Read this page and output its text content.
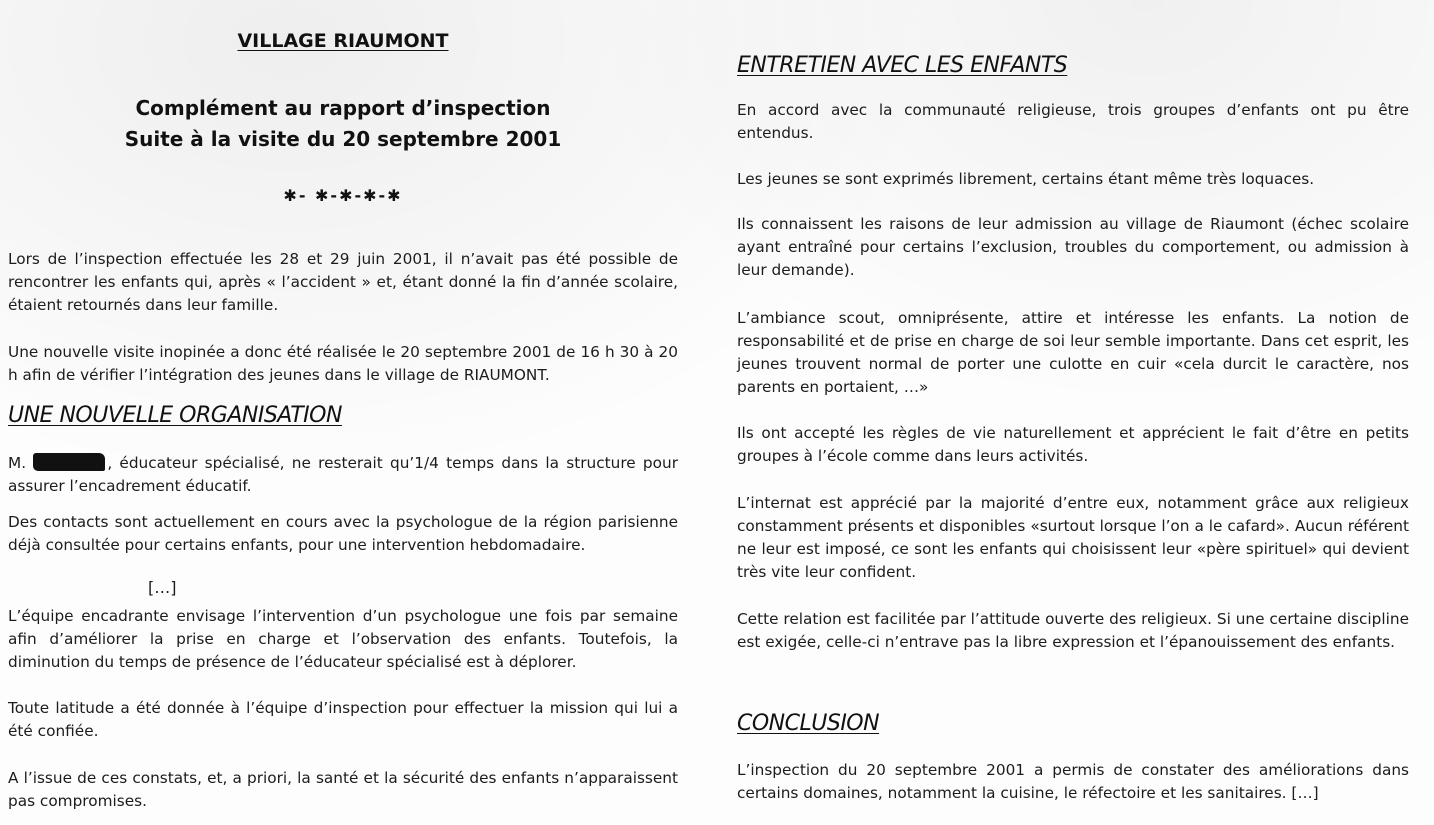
VILLAGE RIAUMONT
Complément au rapport d’inspection
Suite à la visite du 20 septembre 2001
✱- ✱-✱-✱-✱

Lors de l’inspection effectuée les 28 et 29 juin 2001, il n’avait pas été possible de rencontrer les enfants qui, après « l’accident » et, étant donné la fin d’année scolaire, étaient retournés dans leur famille.

Une nouvelle visite inopinée a donc été réalisée le 20 septembre 2001 de 16 h 30 à 20 h afin de vérifier l’intégration des jeunes dans le village de RIAUMONT.

UNE NOUVELLE ORGANISATION

M.	, éducateur spécialisé, ne resterait qu’1/4 temps dans la structure pour assurer l’encadrement éducatif.

Des contacts sont actuellement en cours avec la psychologue de la région parisienne déjà consultée pour certains enfants, pour une intervention hebdomadaire.

[…]

L’équipe encadrante envisage l’intervention d’un psychologue une fois par semaine afin d’améliorer la prise en charge et l’observation des enfants. Toutefois, la diminution du temps de présence de l’éducateur spécialisé est à déplorer.

Toute latitude a été donnée à l’équipe d’inspection pour effectuer la mission qui lui a été confiée.

A l’issue de ces constats, et, a priori, la santé et la sécurité des enfants n’apparaissent pas compromises.

ENTRETIEN AVEC LES ENFANTS

En accord avec la communauté religieuse, trois groupes d’enfants ont pu être entendus.

Les jeunes se sont exprimés librement, certains étant même très loquaces.

Ils connaissent les raisons de leur admission au village de Riaumont (échec scolaire ayant entraîné pour certains l’exclusion, troubles du comportement, ou admission à leur demande).

L’ambiance scout, omniprésente, attire et intéresse les enfants. La notion de responsabilité et de prise en charge de soi leur semble importante. Dans cet esprit, les jeunes trouvent normal de porter une culotte en cuir «cela durcit le caractère, nos parents en portaient, …»

Ils ont accepté les règles de vie naturellement et apprécient le fait d’être en petits groupes à l’école comme dans leurs activités.

L’internat est apprécié par la majorité d’entre eux, notamment grâce aux religieux constamment présents et disponibles «surtout lorsque l’on a le cafard». Aucun référent ne leur est imposé, ce sont les enfants qui choisissent leur «père spirituel» qui devient très vite leur confident.

Cette relation est facilitée par l’attitude ouverte des religieux. Si une certaine discipline est exigée, celle-ci n’entrave pas la libre expression et l’épanouissement des enfants.

CONCLUSION

L’inspection du 20 septembre 2001 a permis de constater des améliorations dans certains domaines, notamment la cuisine, le réfectoire et les sanitaires. […]
